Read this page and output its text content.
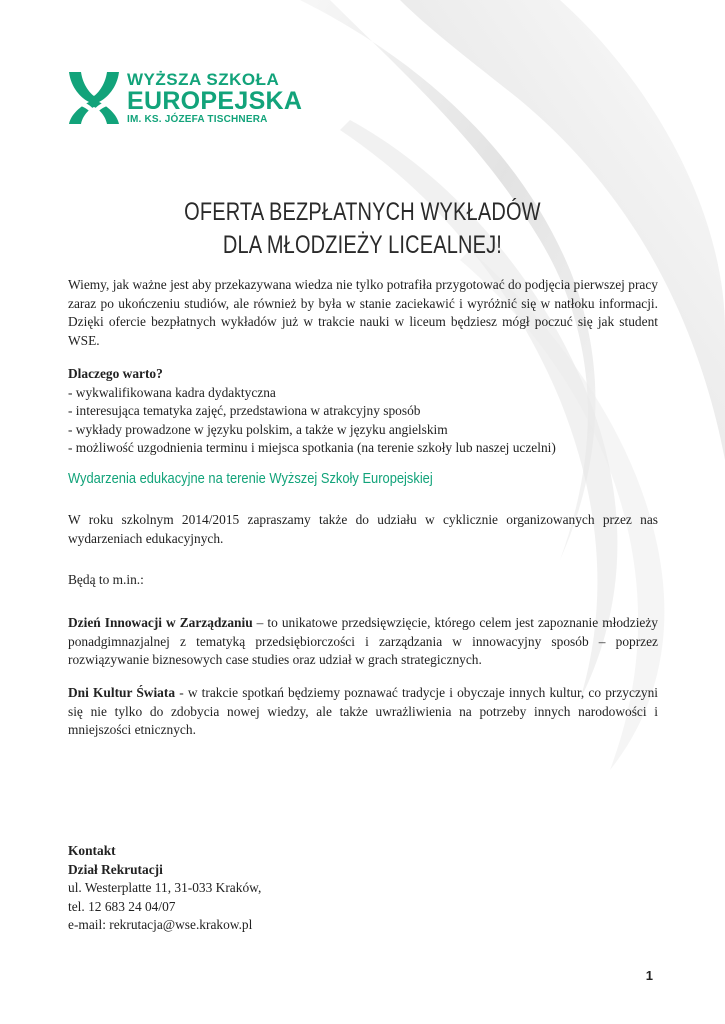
WYŻSZA SZKOŁA
EUROPEJSKA
IM. KS. JÓZEFA TISCHNERA
OFERTA BEZPŁATNYCH WYKŁADÓW
DLA MŁODZIEŻY LICEALNEJ!
Wiemy, jak ważne jest aby przekazywana wiedza nie tylko potrafiła przygotować do podjęcia pierwszej pracy zaraz po ukończeniu studiów, ale również by była w stanie zaciekawić i wyróżnić się w natłoku informacji. Dzięki ofercie bezpłatnych wykładów już w trakcie nauki w liceum będziesz mógł poczuć się jak student WSE.
Dlaczego warto?
- wykwalifikowana kadra dydaktyczna
- interesująca tematyka zajęć, przedstawiona w atrakcyjny sposób
- wykłady prowadzone w języku polskim, a także w języku angielskim
- możliwość uzgodnienia terminu i miejsca spotkania (na terenie szkoły lub naszej uczelni)
Wydarzenia edukacyjne na terenie Wyższej Szkoły Europejskiej
W roku szkolnym 2014/2015 zapraszamy także do udziału w cyklicznie organizowanych przez nas wydarzeniach edukacyjnych.
Będą to m.in.:
Dzień Innowacji w Zarządzaniu – to unikatowe przedsięwzięcie, którego celem jest zapoznanie młodzieży ponadgimnazjalnej z tematyką przedsiębiorczości i zarządzania w innowacyjny sposób – poprzez rozwiązywanie biznesowych case studies oraz udział w grach strategicznych.
Dni Kultur Świata - w trakcie spotkań będziemy poznawać tradycje i obyczaje innych kultur, co przyczyni się nie tylko do zdobycia nowej wiedzy, ale także uwrażliwienia na potrzeby innych narodowości i mniejszości etnicznych.
Kontakt
Dział Rekrutacji
ul. Westerplatte 11, 31-033 Kraków,
tel. 12 683 24 04/07
e-mail: rekrutacja@wse.krakow.pl
1
